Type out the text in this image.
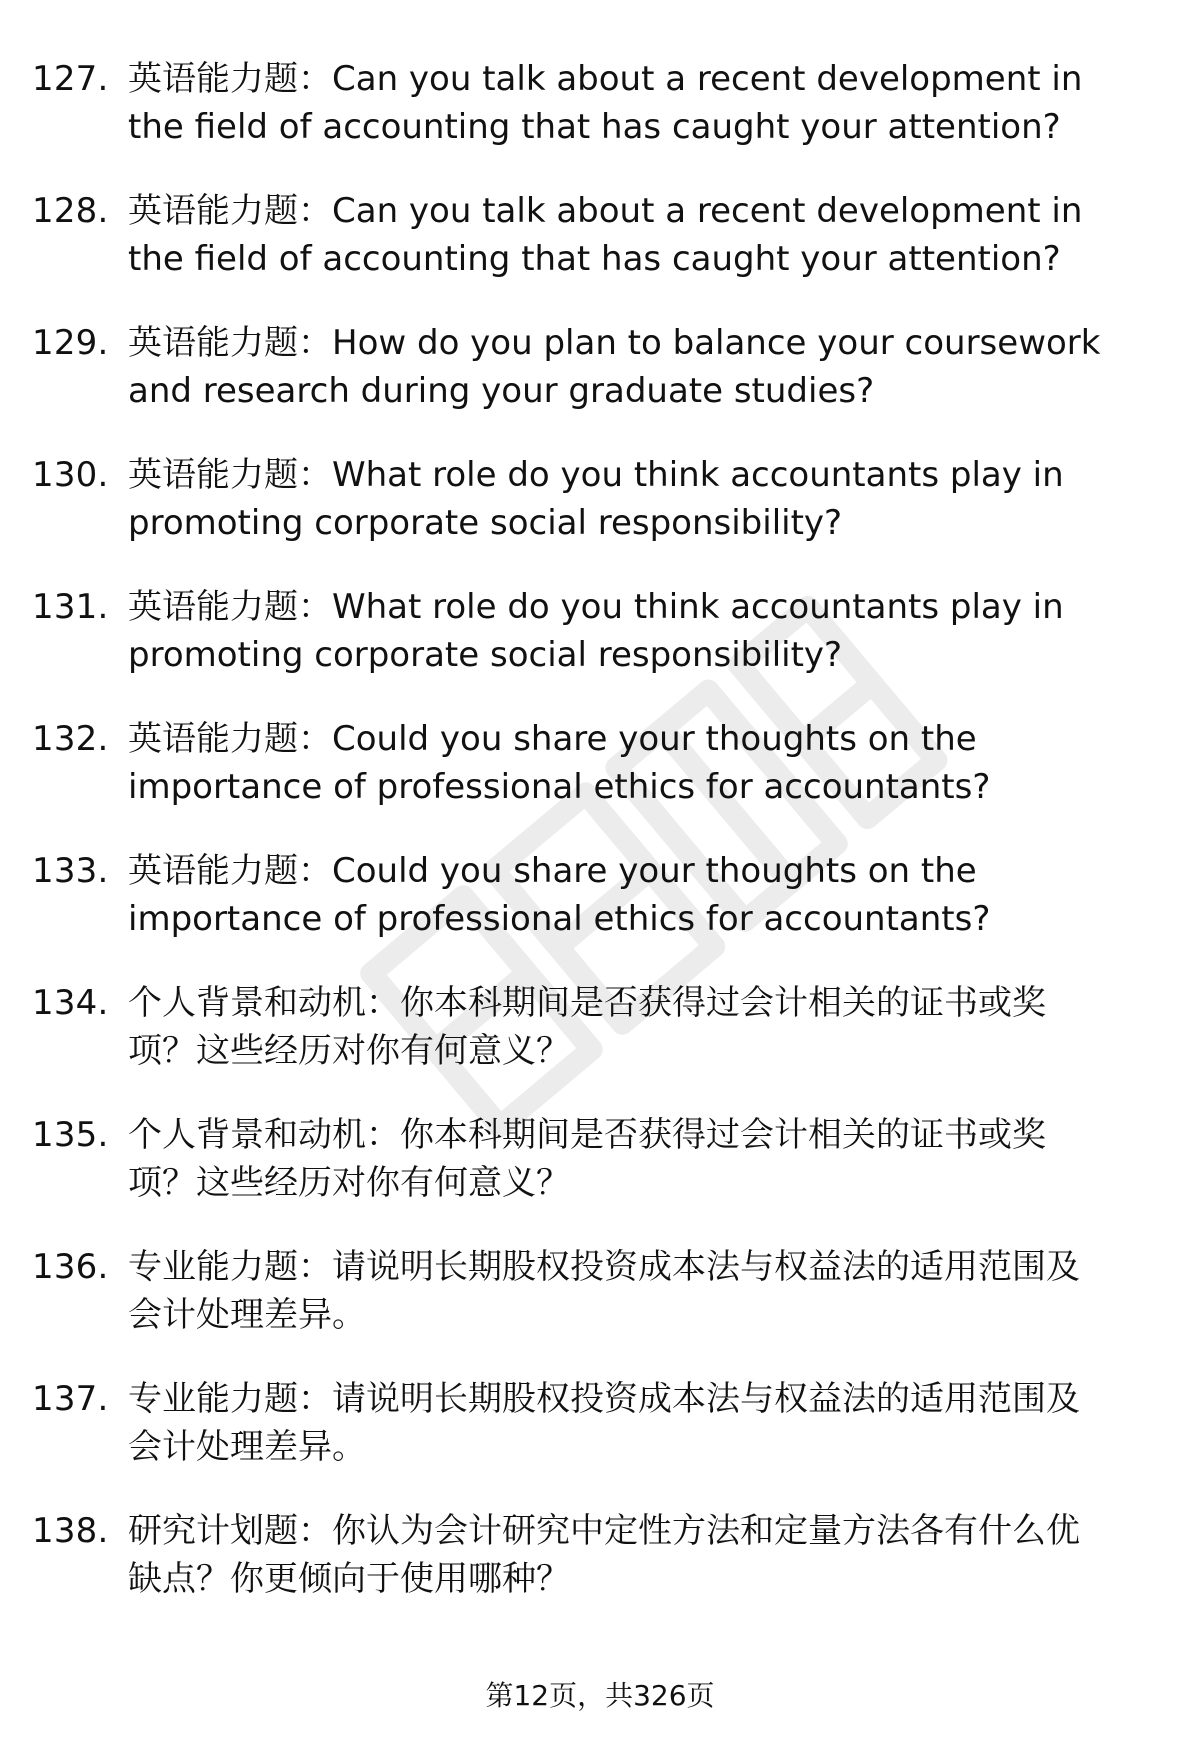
127. 英语能力题：Can you talk about a recent development in
the field of accounting that has caught your attention?
128. 英语能力题：Can you talk about a recent development in
the field of accounting that has caught your attention?
129. 英语能力题：How do you plan to balance your coursework
and research during your graduate studies?
130. 英语能力题：What role do you think accountants play in
promoting corporate social responsibility?
131. 英语能力题：What role do you think accountants play in
promoting corporate social responsibility?
132. 英语能力题：Could you share your thoughts on the
importance of professional ethics for accountants?
133. 英语能力题：Could you share your thoughts on the
importance of professional ethics for accountants?
134. 个人背景和动机：你本科期间是否获得过会计相关的证书或奖
项？这些经历对你有何意义？
135. 个人背景和动机：你本科期间是否获得过会计相关的证书或奖
项？这些经历对你有何意义？
136. 专业能力题：请说明长期股权投资成本法与权益法的适用范围及
会计处理差异。
137. 专业能力题：请说明长期股权投资成本法与权益法的适用范围及
会计处理差异。
138. 研究计划题：你认为会计研究中定性方法和定量方法各有什么优
缺点？你更倾向于使用哪种？
第12页，共326页
